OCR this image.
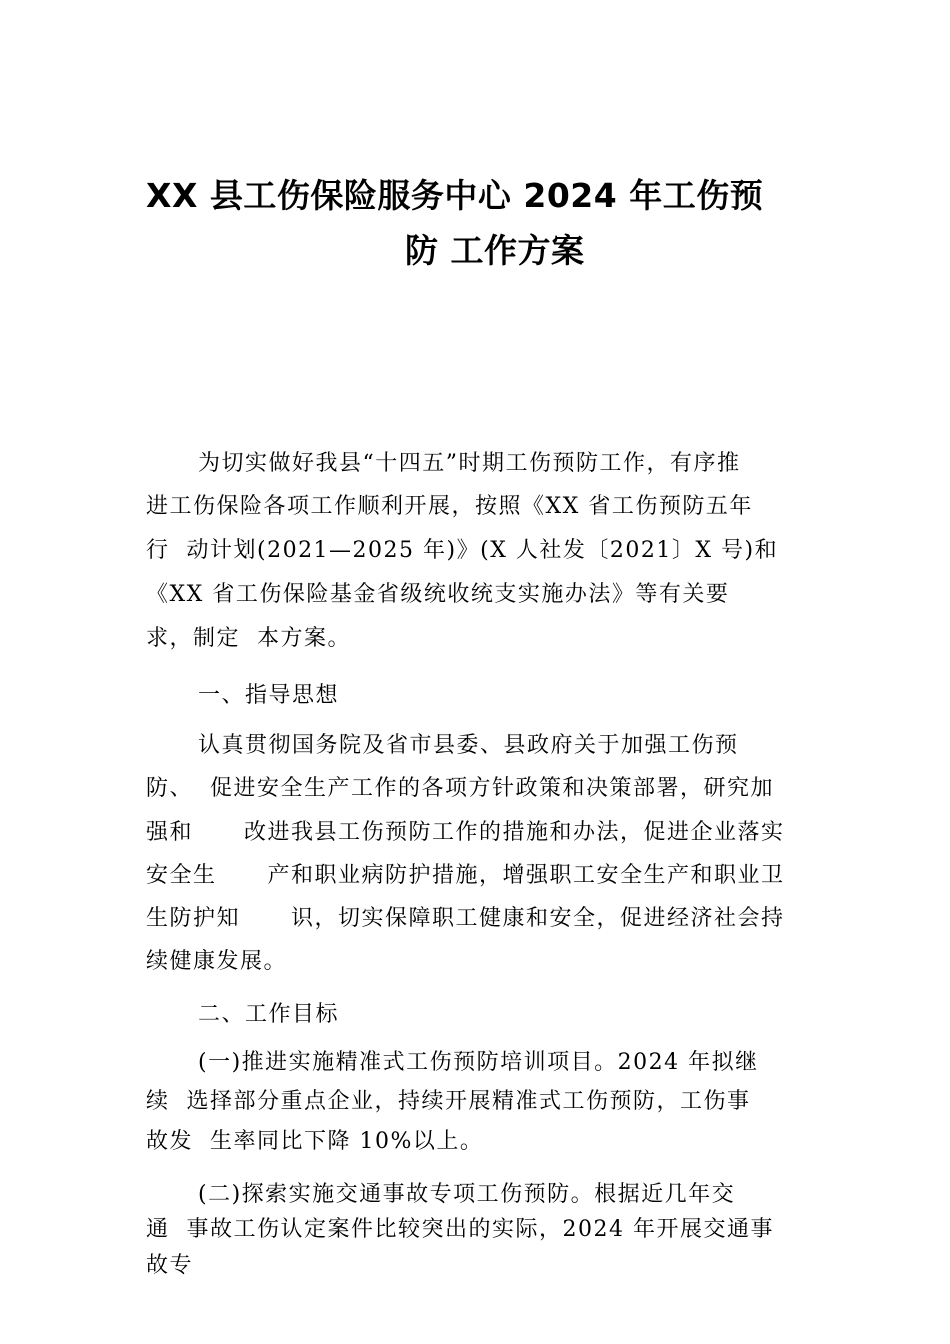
XX 县工伤保险服务中心 2024 年工伤预
防 工作方案
为切实做好我县“十四五”时期工伤预防工作，有序推
进工伤保险各项工作顺利开展，按照《XX 省工伤预防五年
行  动计划(2021—2025 年)》(X 人社发〔2021〕X 号)和
《XX 省工伤保险基金省级统收统支实施办法》等有关要
求，制定  本方案。
一、指导思想
认真贯彻国务院及省市县委、县政府关于加强工伤预
防、  促进安全生产工作的各项方针政策和决策部署，研究加
强和      改进我县工伤预防工作的措施和办法，促进企业落实
安全生      产和职业病防护措施，增强职工安全生产和职业卫
生防护知      识，切实保障职工健康和安全，促进经济社会持
续健康发展。
二、工作目标
(一)推进实施精准式工伤预防培训项目。2024 年拟继
续  选择部分重点企业，持续开展精准式工伤预防，工伤事
故发  生率同比下降 10%以上。
(二)探索实施交通事故专项工伤预防。根据近几年交
通  事故工伤认定案件比较突出的实际，2024 年开展交通事
故专
